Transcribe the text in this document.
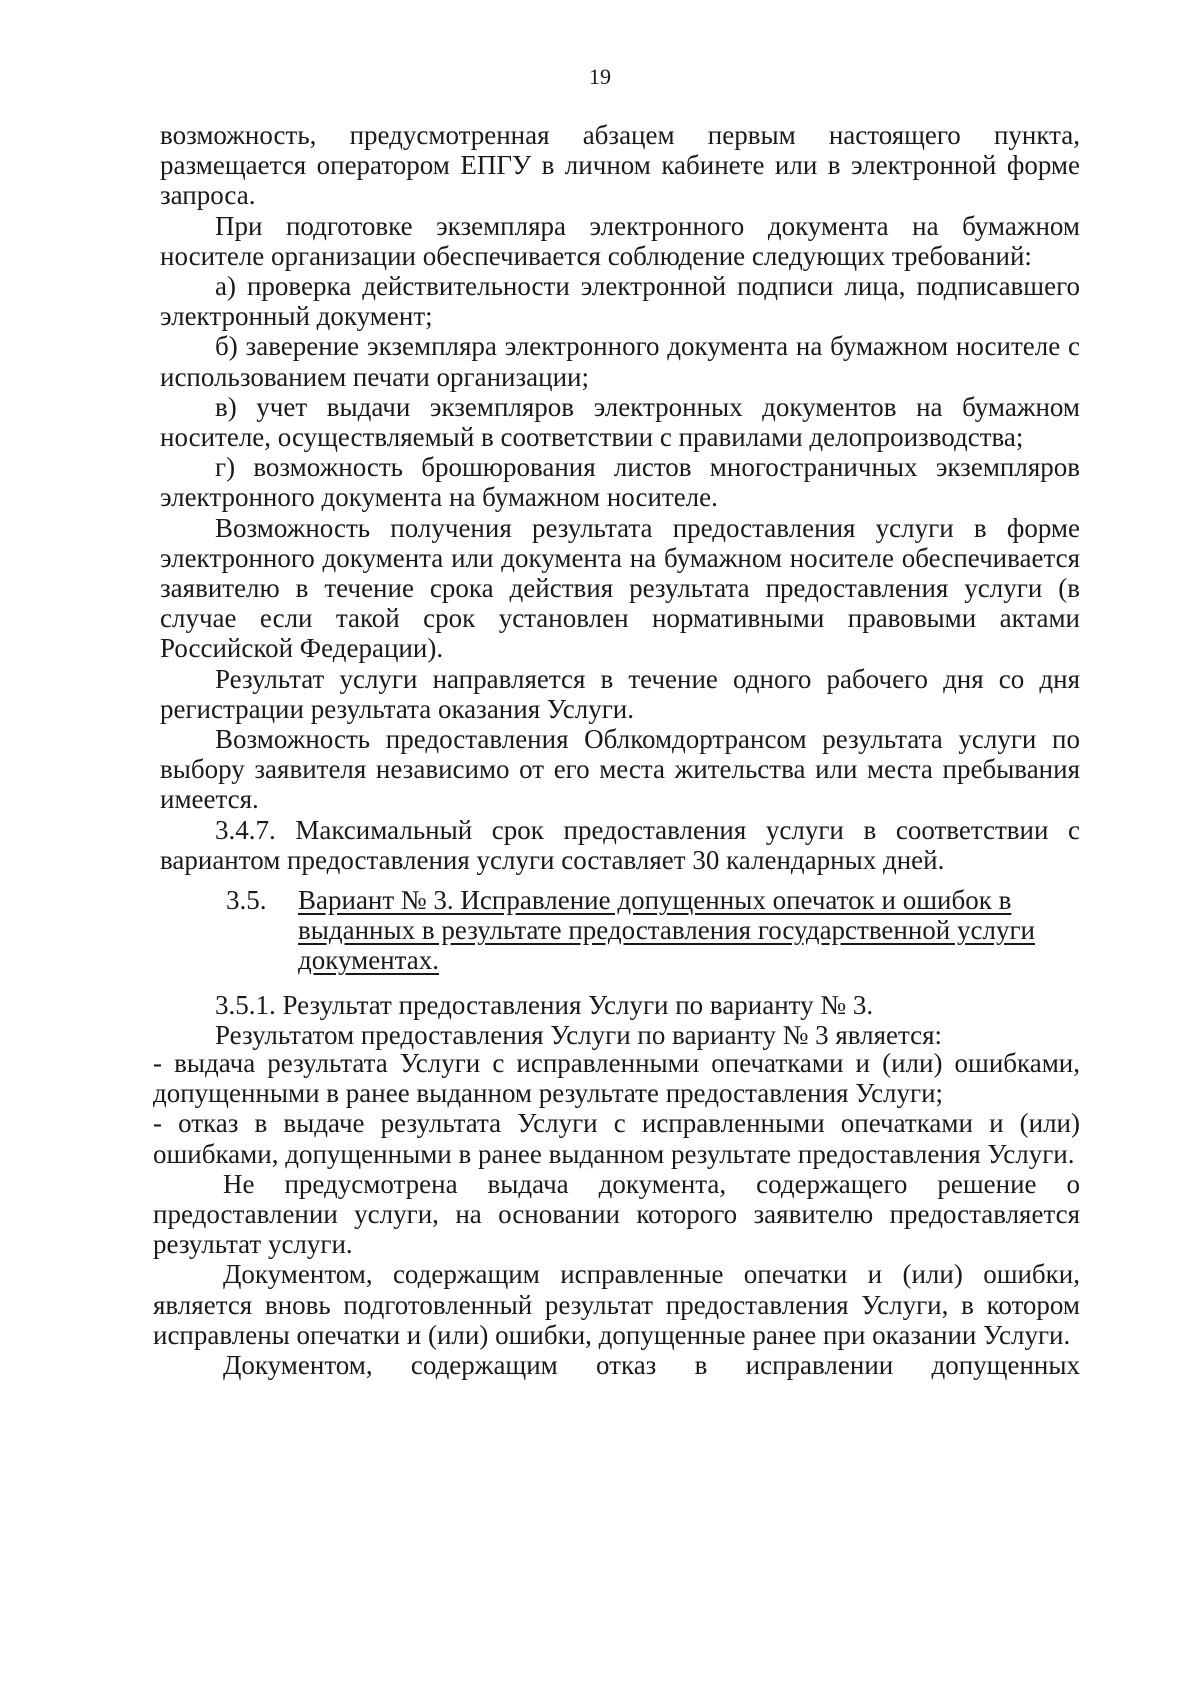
19

возможность, предусмотренная абзацем первым настоящего пункта, размещается оператором ЕПГУ в личном кабинете или в электронной форме запроса.

При подготовке экземпляра электронного документа на бумажном носителе организации обеспечивается соблюдение следующих требований:

а) проверка действительности электронной подписи лица, подписавшего электронный документ;

б) заверение экземпляра электронного документа на бумажном носителе с использованием печати организации;

в) учет выдачи экземпляров электронных документов на бумажном носителе, осуществляемый в соответствии с правилами делопроизводства;

г) возможность брошюрования листов многостраничных экземпляров электронного документа на бумажном носителе.

Возможность получения результата предоставления услуги в форме электронного документа или документа на бумажном носителе обеспечивается заявителю в течение срока действия результата предоставления услуги (в случае если такой срок установлен нормативными правовыми актами Российской Федерации).

Результат услуги направляется в течение одного рабочего дня со дня регистрации результата оказания Услуги.

Возможность предоставления Облкомдортрансом результата услуги по выбору заявителя независимо от его места жительства или места пребывания имеется.

3.4.7. Максимальный срок предоставления услуги в соответствии с вариантом предоставления услуги составляет 30 календарных дней.

3.5.	Вариант № 3. Исправление допущенных опечаток и ошибок в выданных в результате предоставления государственной услуги документах.

3.5.1. Результат предоставления Услуги по варианту № 3.

Результатом предоставления Услуги по варианту № 3 является:

- выдача результата Услуги с исправленными опечатками и (или) ошибками, допущенными в ранее выданном результате предоставления Услуги;

- отказ в выдаче результата Услуги с исправленными опечатками и (или) ошибками, допущенными в ранее выданном результате предоставления Услуги.

Не предусмотрена выдача документа, содержащего решение о предоставлении услуги, на основании которого заявителю предоставляется результат услуги.

Документом, содержащим исправленные опечатки и (или) ошибки, является вновь подготовленный результат предоставления Услуги, в котором исправлены опечатки и (или) ошибки, допущенные ранее при оказании Услуги.

Документом, содержащим отказ в исправлении допущенных
